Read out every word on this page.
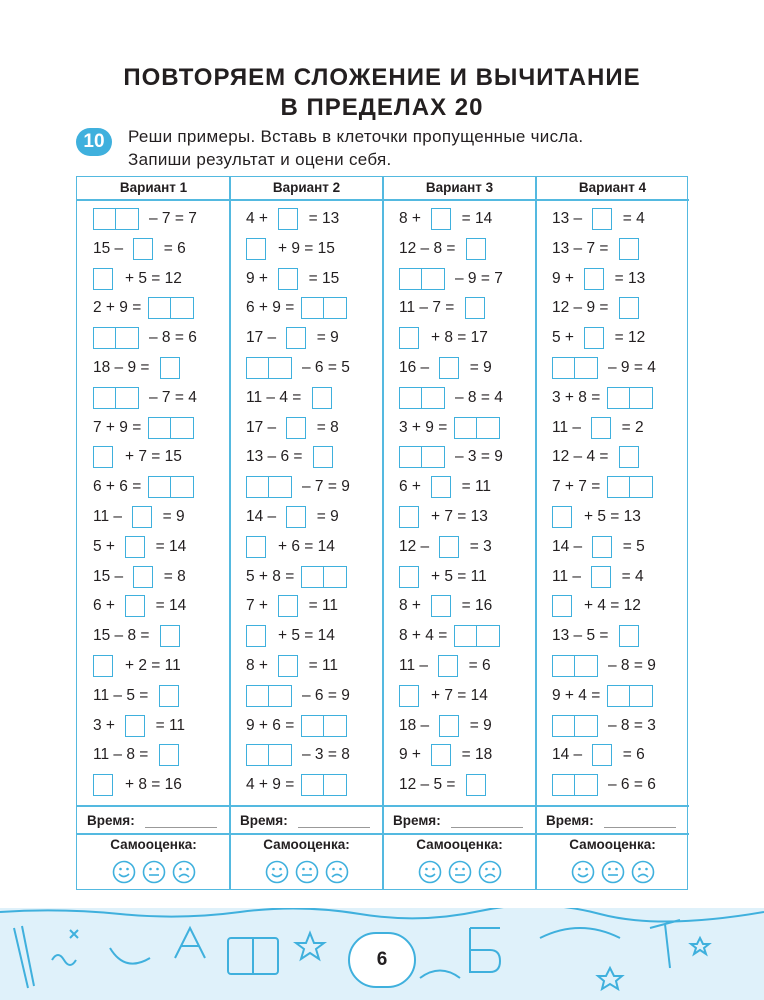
ПОВТОРЯЕМ СЛОЖЕНИЕ И ВЫЧИТАНИЕ
В ПРЕДЕЛАХ 20
10	Реши примеры. Вставь в клеточки пропущенные числа.
Запиши результат и оцени себя.
Вариант 1
– 7 = 7
15 – = 6
+ 5 = 12
2 + 9 =
– 8 = 6
18 – 9 =
– 7 = 4
7 + 9 =
+ 7 = 15
6 + 6 =
11 – = 9
5 + = 14
15 – = 8
6 + = 14
15 – 8 =
+ 2 = 11
11 – 5 =
3 + = 11
11 – 8 =
+ 8 = 16
Время:
Самооценка:
Вариант 2
4 + = 13
+ 9 = 15
9 + = 15
6 + 9 =
17 – = 9
– 6 = 5
11 – 4 =
17 – = 8
13 – 6 =
– 7 = 9
14 – = 9
+ 6 = 14
5 + 8 =
7 + = 11
+ 5 = 14
8 + = 11
– 6 = 9
9 + 6 =
– 3 = 8
4 + 9 =
Время:
Самооценка:
Вариант 3
8 + = 14
12 – 8 =
– 9 = 7
11 – 7 =
+ 8 = 17
16 – = 9
– 8 = 4
3 + 9 =
– 3 = 9
6 + = 11
+ 7 = 13
12 – = 3
+ 5 = 11
8 + = 16
8 + 4 =
11 – = 6
+ 7 = 14
18 – = 9
9 + = 18
12 – 5 =
Время:
Самооценка:
Вариант 4
13 – = 4
13 – 7 =
9 + = 13
12 – 9 =
5 + = 12
– 9 = 4
3 + 8 =
11 – = 2
12 – 4 =
7 + 7 =
+ 5 = 13
14 – = 5
11 – = 4
+ 4 = 12
13 – 5 =
– 8 = 9
9 + 4 =
– 8 = 3
14 – = 6
– 6 = 6
Время:
Самооценка:
6
